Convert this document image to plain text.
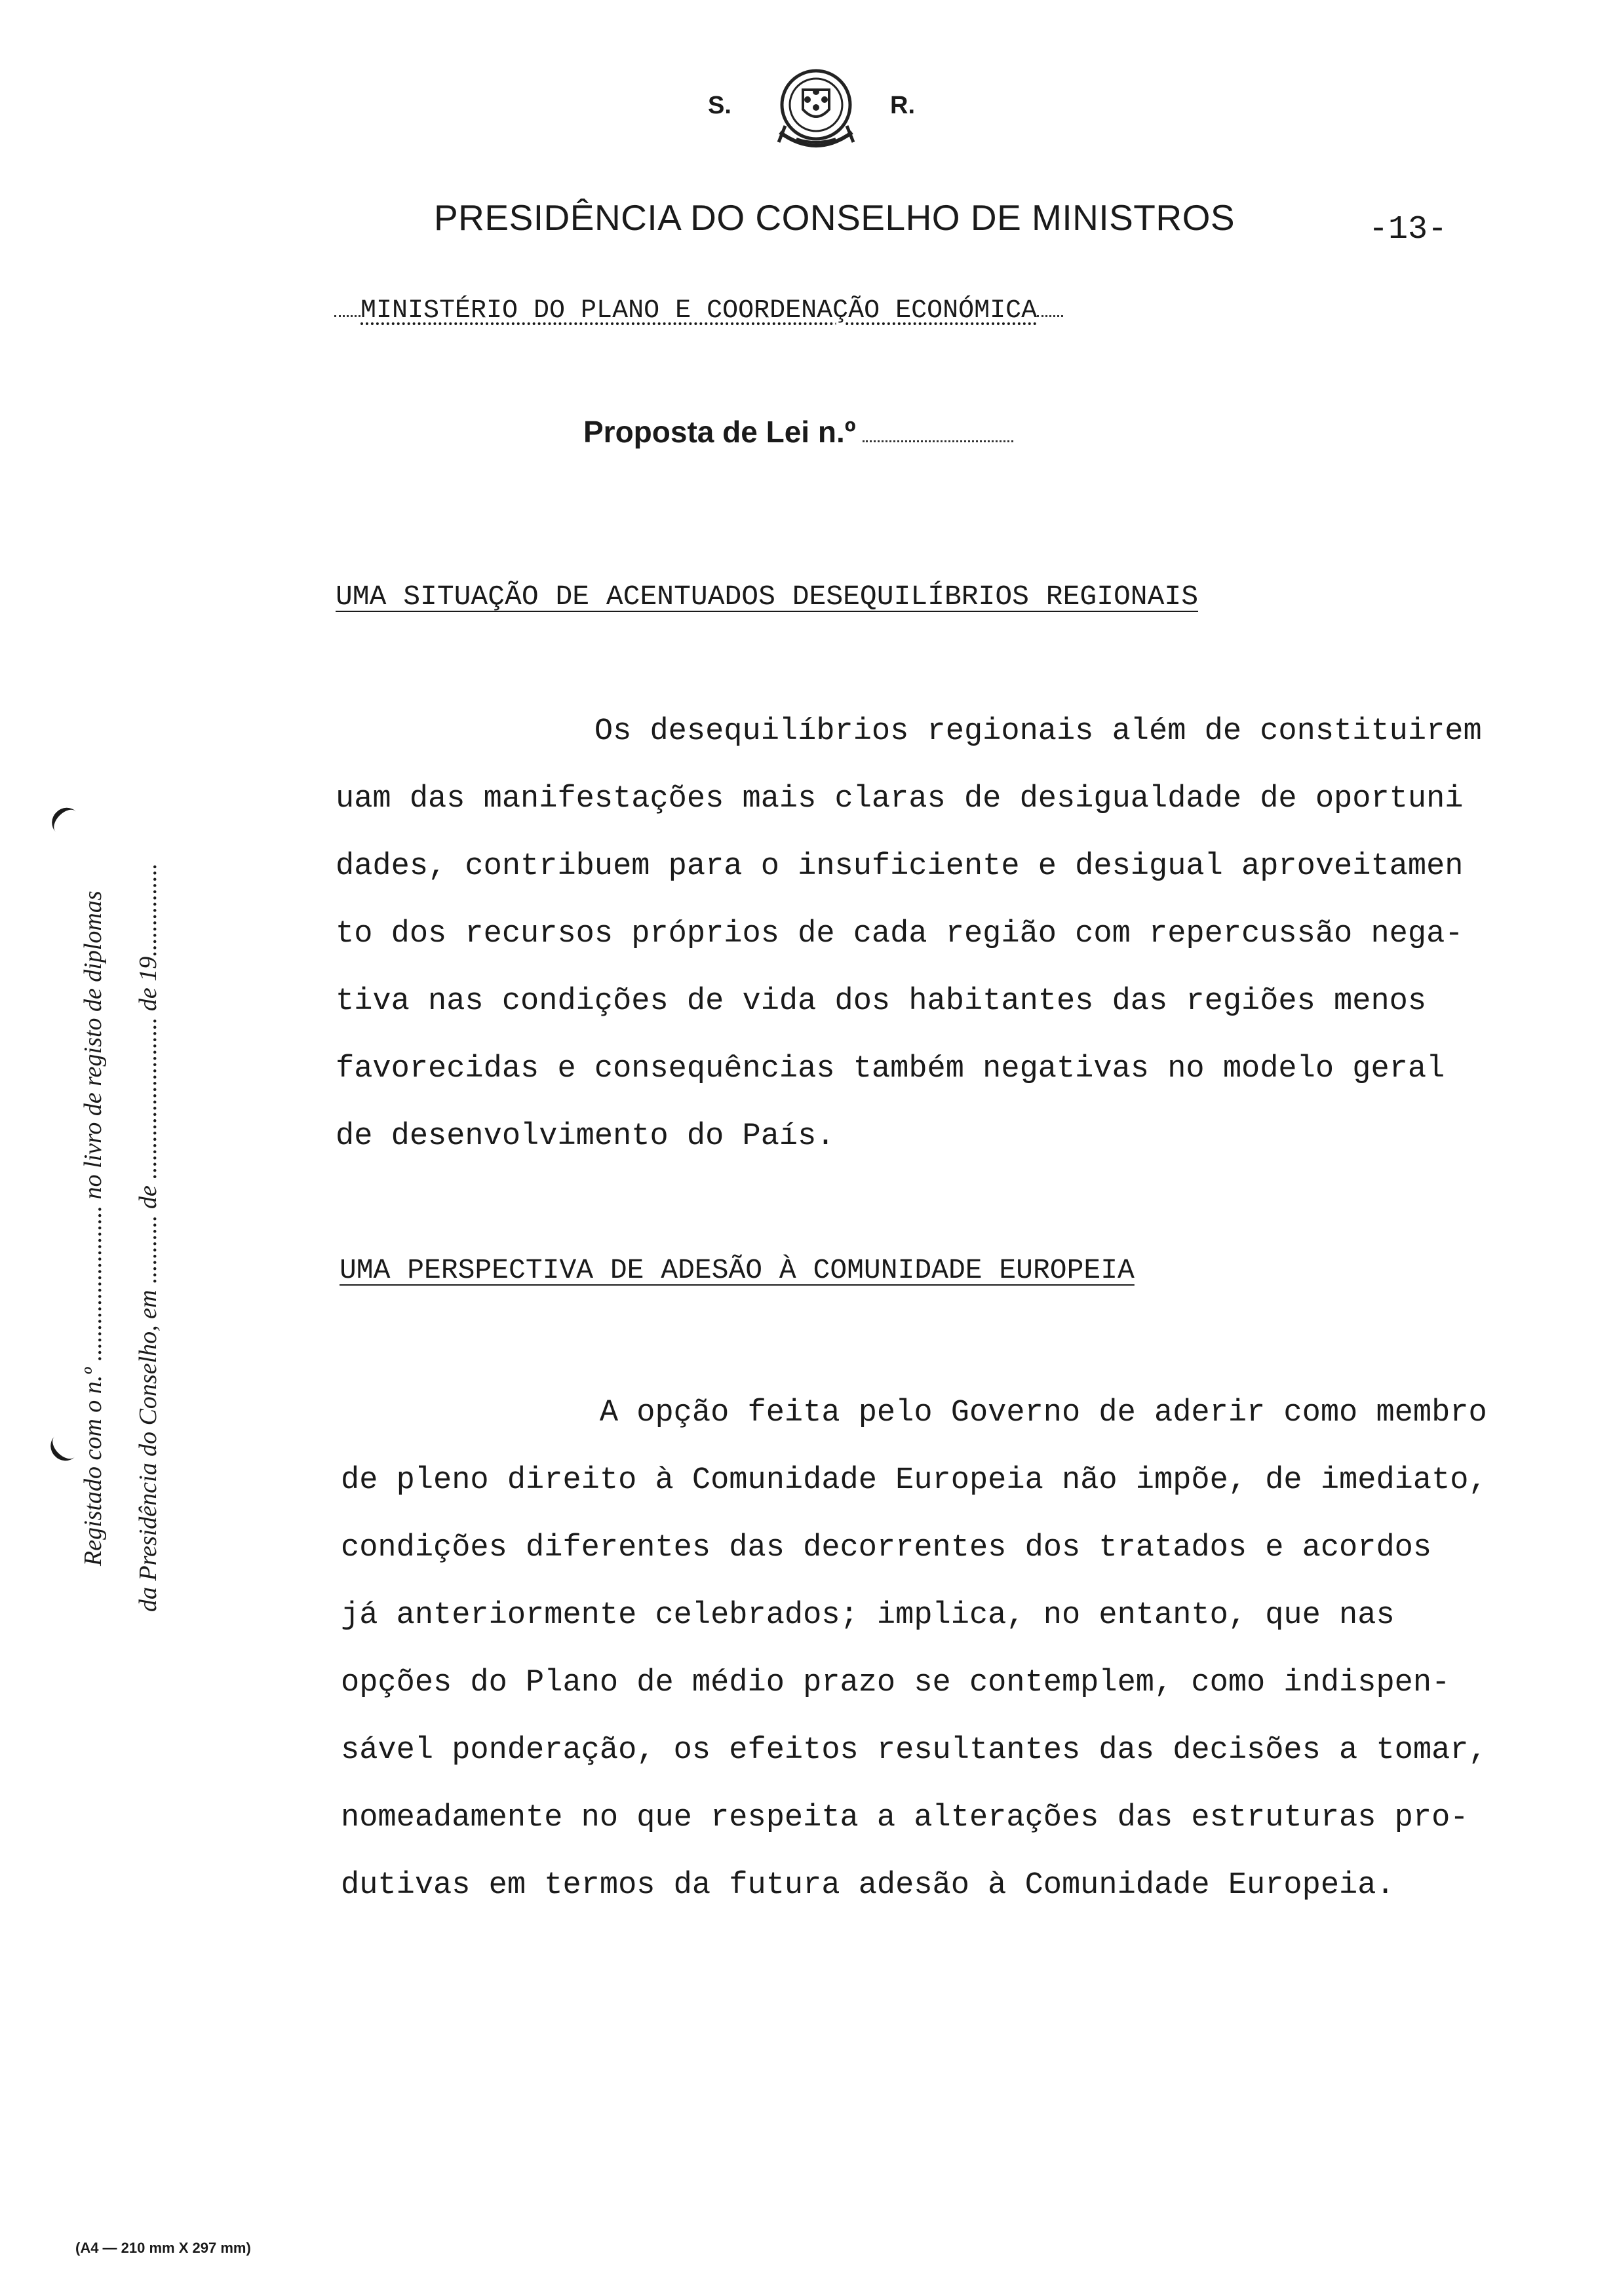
S.	R.
PRESIDÊNCIA DO CONSELHO DE MINISTROS	-13-
MINISTÉRIO DO PLANO E COORDENAÇÃO ECONÓMICA
Proposta de Lei n.º
UMA SITUAÇÃO DE ACENTUADOS DESEQUILÍBRIOS REGIONAIS
Os desequilíbrios regionais além de constituirem
uam das manifestações mais claras de desigualdade de oportuni
dades, contribuem para o insuficiente e desigual aproveitamen
to dos recursos próprios de cada região com repercussão nega-
tiva nas condições de vida dos habitantes das regiões menos
favorecidas e consequências também negativas no modelo geral
de desenvolvimento do País.
UMA PERSPECTIVA DE ADESÃO À COMUNIDADE EUROPEIA
A opção feita pelo Governo de aderir como membro
de pleno direito à Comunidade Europeia não impõe, de imediato,
condições diferentes das decorrentes dos tratados e acordos
já anteriormente celebrados; implica, no entanto, que nas
opções do Plano de médio prazo se contemplem, como indispen-
sável ponderação, os efeitos resultantes das decisões a tomar,
nomeadamente no que respeita a alterações das estruturas pro-
dutivas em termos da futura adesão à Comunidade Europeia.
Registado com o n.º ......................... no livro de registo de diplomas da Presidência do Conselho, em ........... de .......................... de 19...............
(A4 — 210 mm X 297 mm)
